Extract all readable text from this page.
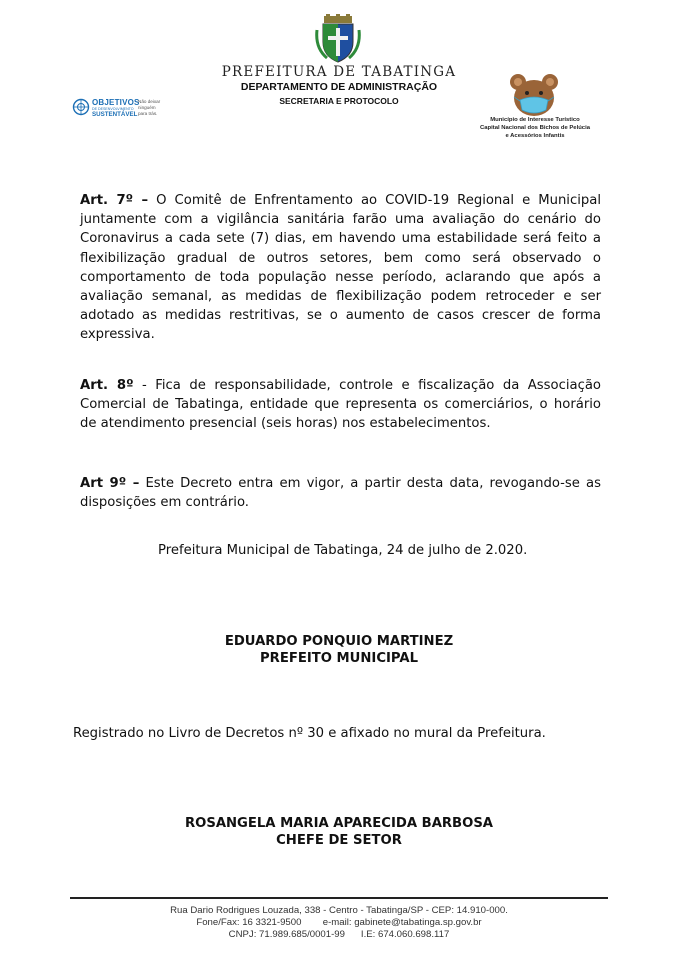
PREFEITURA DE TABATINGA
DEPARTAMENTO DE ADMINISTRAÇÃO
SECRETARIA E PROTOCOLO
OBJETIVOS
DE DESENVOLVIMENTO
SUSTENTÁVEL
Não deixar
ninguém
para trás.
Município de Interesse Turístico
Capital Nacional dos Bichos de Pelúcia
e Acessórios Infantis
Art. 7º – O Comitê de Enfrentamento ao COVID-19 Regional e Municipal juntamente com a vigilância sanitária farão uma avaliação do cenário do Coronavirus a cada sete (7) dias, em havendo uma estabilidade será feito a flexibilização gradual de outros setores, bem como será observado o comportamento de toda população nesse período, aclarando que após a avaliação semanal, as medidas de flexibilização podem retroceder e ser adotado as medidas restritivas, se o aumento de casos crescer de forma expressiva.
Art. 8º - Fica de responsabilidade, controle e fiscalização da Associação Comercial de Tabatinga, entidade que representa os comerciários, o horário de atendimento presencial (seis horas) nos estabelecimentos.
Art 9º – Este Decreto entra em vigor, a partir desta data, revogando-se as disposições em contrário.
Prefeitura Municipal de Tabatinga, 24 de julho de 2.020.
EDUARDO PONQUIO MARTINEZ
PREFEITO MUNICIPAL
Registrado no Livro de Decretos nº 30 e afixado no mural da Prefeitura.
ROSANGELA MARIA APARECIDA BARBOSA
CHEFE DE SETOR
Rua Dario Rodrigues Louzada, 338 - Centro - Tabatinga/SP - CEP: 14.910-000.
Fone/Fax: 16 3321-9500        e-mail: gabinete@tabatinga.sp.gov.br
CNPJ: 71.989.685/0001-99      I.E: 674.060.698.117
